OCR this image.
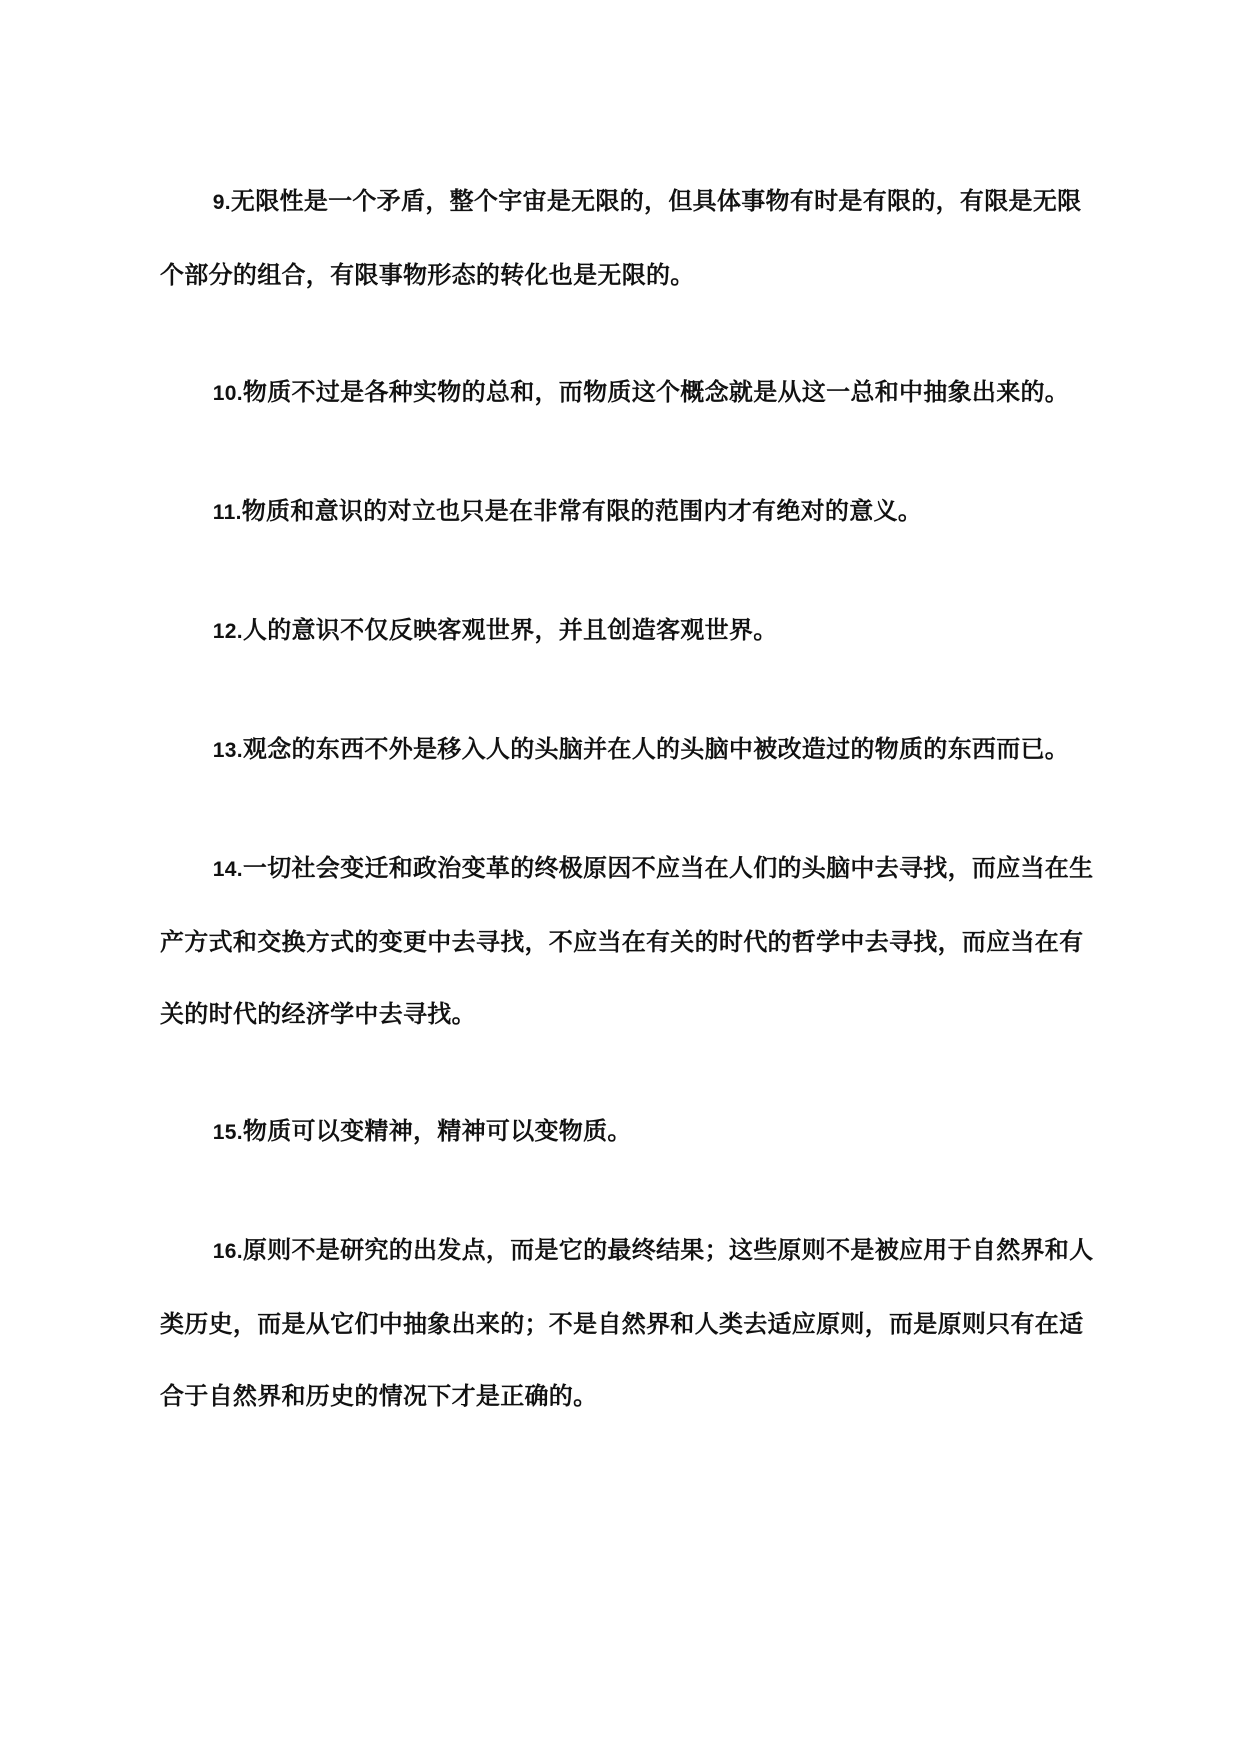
9.无限性是一个矛盾，整个宇宙是无限的，但具体事物有时是有限的，有限是无限个部分的组合，有限事物形态的转化也是无限的。

10.物质不过是各种实物的总和，而物质这个概念就是从这一总和中抽象出来的。

11.物质和意识的对立也只是在非常有限的范围内才有绝对的意义。

12.人的意识不仅反映客观世界，并且创造客观世界。

13.观念的东西不外是移入人的头脑并在人的头脑中被改造过的物质的东西而已。

14.一切社会变迁和政治变革的终极原因不应当在人们的头脑中去寻找，而应当在生产方式和交换方式的变更中去寻找，不应当在有关的时代的哲学中去寻找，而应当在有关的时代的经济学中去寻找。

15.物质可以变精神，精神可以变物质。

16.原则不是研究的出发点，而是它的最终结果；这些原则不是被应用于自然界和人类历史，而是从它们中抽象出来的；不是自然界和人类去适应原则，而是原则只有在适合于自然界和历史的情况下才是正确的。
